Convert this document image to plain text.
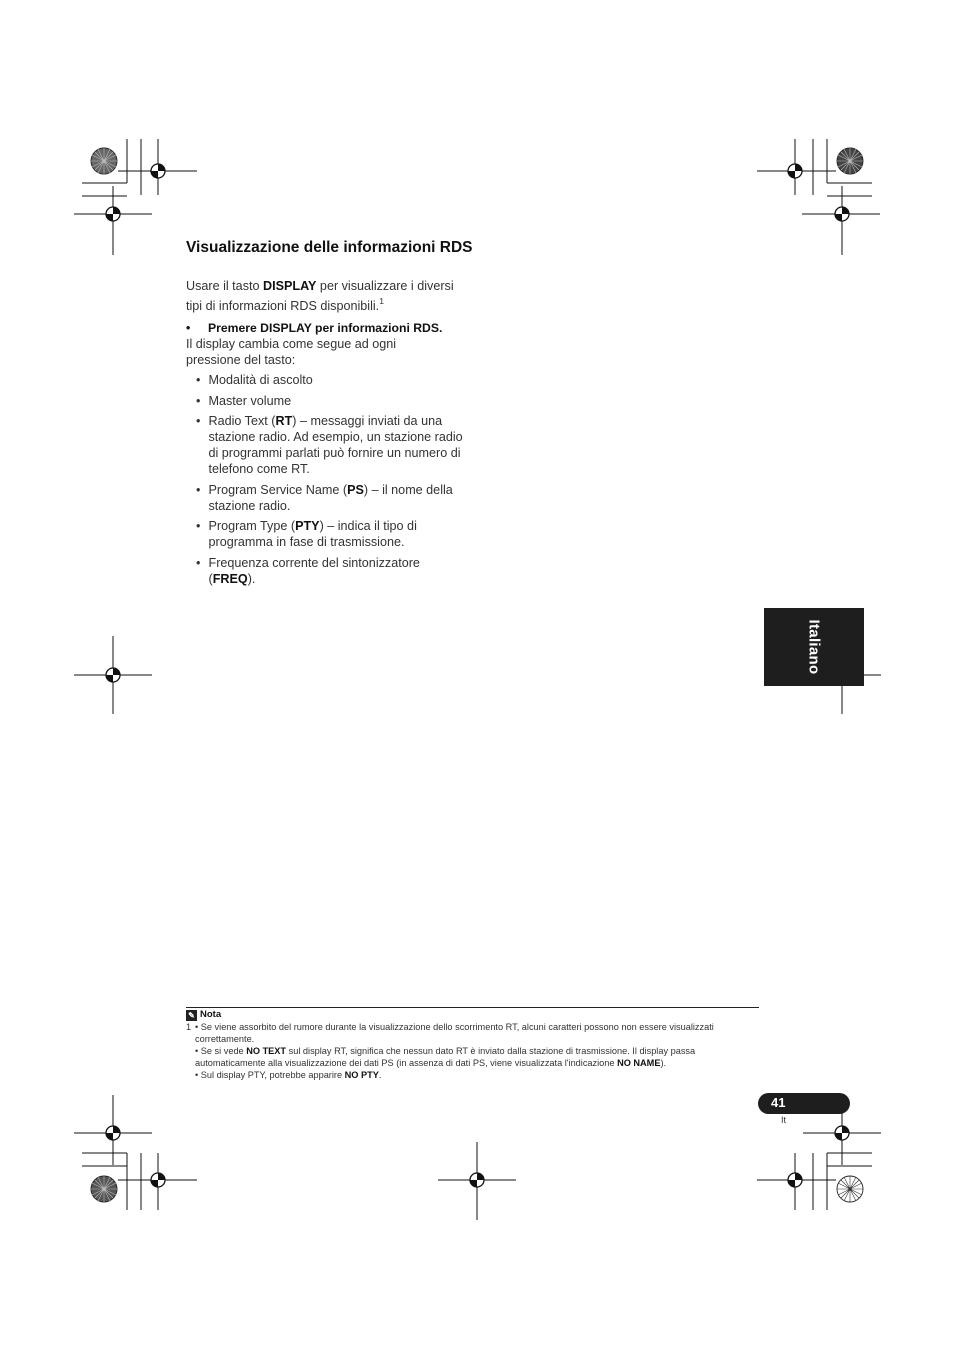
Visualizzazione delle informazioni RDS
Usare il tasto DISPLAY per visualizzare i diversi tipi di informazioni RDS disponibili.$^1$
• Premere DISPLAY per informazioni RDS.
Il display cambia come segue ad ogni pressione del tasto:
• Modalità di ascolto
• Master volume
• Radio Text (RT) – messaggi inviati da una stazione radio. Ad esempio, un stazione radio di programmi parlati può fornire un numero di telefono come RT.
• Program Service Name (PS) – il nome della stazione radio.
• Program Type (PTY) – indica il tipo di programma in fase di trasmissione.
• Frequenza corrente del sintonizzatore (FREQ).
Italiano
✎ Nota
1 • Se viene assorbito del rumore durante la visualizzazione dello scorrimento RT, alcuni caratteri possono non essere visualizzati correttamente.
• Se si vede NO TEXT sul display RT, significa che nessun dato RT è inviato dalla stazione di trasmissione. Il display passa automaticamente alla visualizzazione dei dati PS (in assenza di dati PS, viene visualizzata l'indicazione NO NAME).
• Sul display PTY, potrebbe apparire NO PTY.
41
It
